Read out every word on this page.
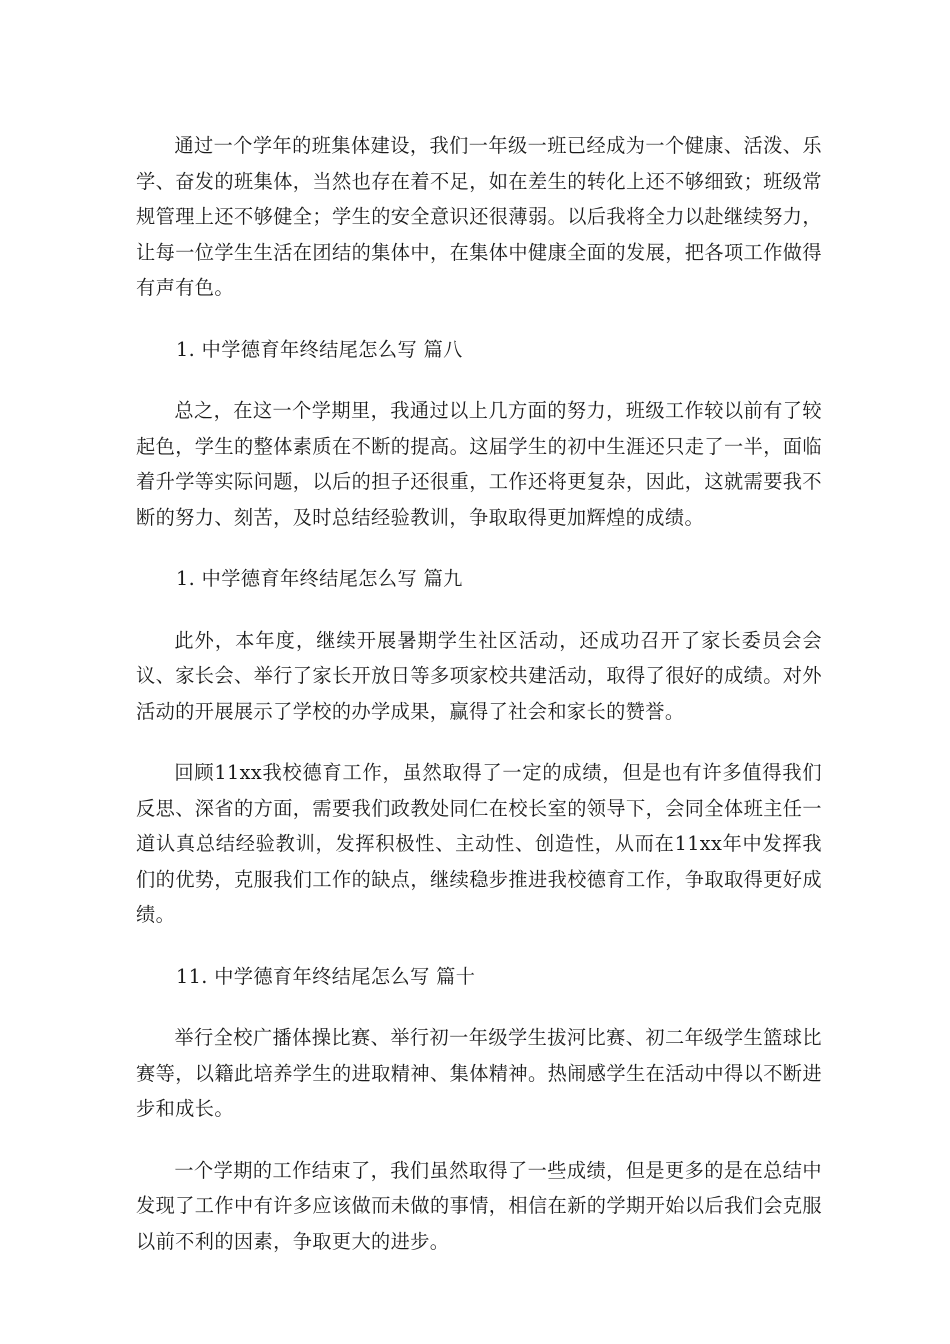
通过一个学年的班集体建设，我们一年级一班已经成为一个健康、活泼、乐学、奋发的班集体，当然也存在着不足，如在差生的转化上还不够细致；班级常规管理上还不够健全；学生的安全意识还很薄弱。以后我将全力以赴继续努力，让每一位学生生活在团结的集体中，在集体中健康全面的发展，把各项工作做得有声有色。

1. 中学德育年终结尾怎么写 篇八

总之，在这一个学期里，我通过以上几方面的努力，班级工作较以前有了较起色，学生的整体素质在不断的提高。这届学生的初中生涯还只走了一半，面临着升学等实际问题，以后的担子还很重，工作还将更复杂，因此，这就需要我不断的努力、刻苦，及时总结经验教训，争取取得更加辉煌的成绩。

1. 中学德育年终结尾怎么写 篇九

此外，本年度，继续开展暑期学生社区活动，还成功召开了家长委员会会议、家长会、举行了家长开放日等多项家校共建活动，取得了很好的成绩。对外活动的开展展示了学校的办学成果，赢得了社会和家长的赞誉。

回顾11xx我校德育工作，虽然取得了一定的成绩，但是也有许多值得我们反思、深省的方面，需要我们政教处同仁在校长室的领导下，会同全体班主任一道认真总结经验教训，发挥积极性、主动性、创造性，从而在11xx年中发挥我们的优势，克服我们工作的缺点，继续稳步推进我校德育工作，争取取得更好成绩。

11. 中学德育年终结尾怎么写 篇十

举行全校广播体操比赛、举行初一年级学生拔河比赛、初二年级学生篮球比赛等，以籍此培养学生的进取精神、集体精神。热闹感学生在活动中得以不断进步和成长。

一个学期的工作结束了，我们虽然取得了一些成绩，但是更多的是在总结中发现了工作中有许多应该做而未做的事情，相信在新的学期开始以后我们会克服以前不利的因素，争取更大的进步。
